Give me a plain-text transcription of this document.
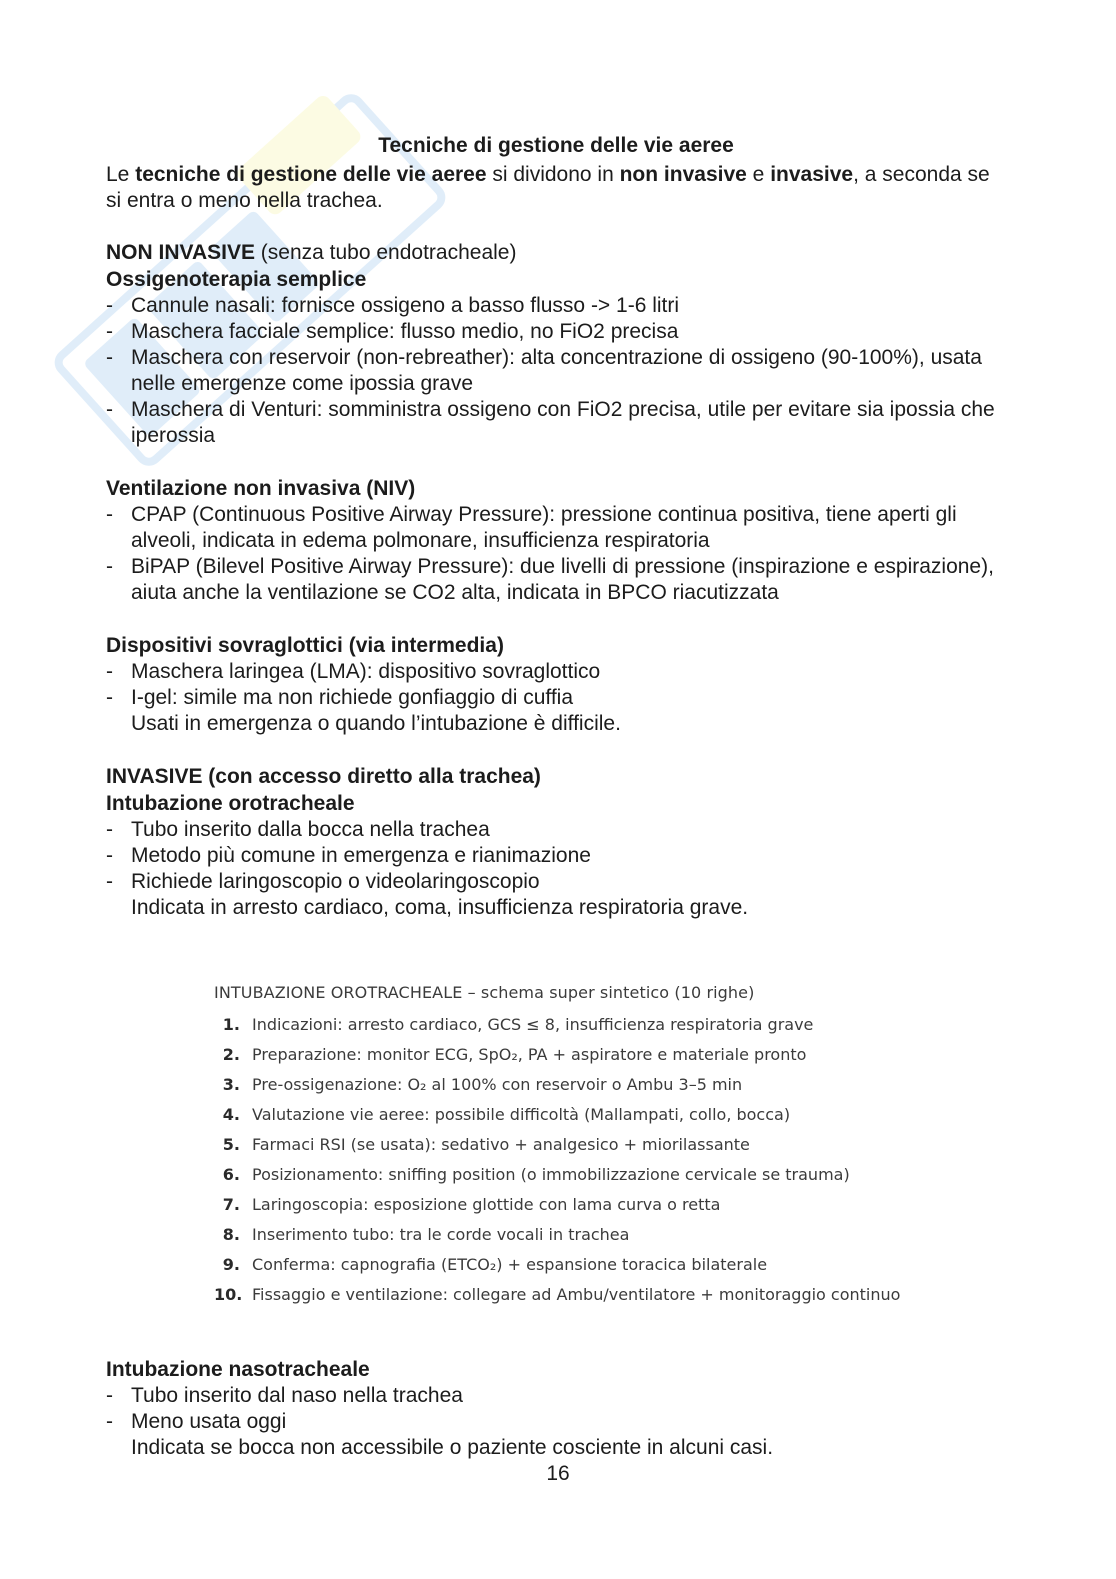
Tecniche di gestione delle vie aeree

Le tecniche di gestione delle vie aeree si dividono in non invasive e invasive, a seconda se si entra o meno nella trachea.

NON INVASIVE (senza tubo endotracheale)

Ossigenoterapia semplice
- Cannule nasali: fornisce ossigeno a basso flusso -> 1-6 litri
- Maschera facciale semplice: flusso medio, no FiO2 precisa
- Maschera con reservoir (non-rebreather): alta concentrazione di ossigeno (90-100%), usata nelle emergenze come ipossia grave
- Maschera di Venturi: somministra ossigeno con FiO2 precisa, utile per evitare sia ipossia che iperossia
Ventilazione non invasiva (NIV)
- CPAP (Continuous Positive Airway Pressure): pressione continua positiva, tiene aperti gli alveoli, indicata in edema polmonare, insufficienza respiratoria
- BiPAP (Bilevel Positive Airway Pressure): due livelli di pressione (inspirazione e espirazione), aiuta anche la ventilazione se CO2 alta, indicata in BPCO riacutizzata
Dispositivi sovraglottici (via intermedia)
- Maschera laringea (LMA): dispositivo sovraglottico
- I-gel: simile ma non richiede gonfiaggio di cuffia
Usati in emergenza o quando l’intubazione è difficile.
INVASIVE (con accesso diretto alla trachea)
Intubazione orotracheale
- Tubo inserito dalla bocca nella trachea
- Metodo più comune in emergenza e rianimazione
- Richiede laringoscopio o videolaringoscopio
Indicata in arresto cardiaco, coma, insufficienza respiratoria grave.
INTUBAZIONE OROTRACHEALE – schema super sintetico (10 righe)
1. Indicazioni: arresto cardiaco, GCS ≤ 8, insufficienza respiratoria grave
2. Preparazione: monitor ECG, SpO₂, PA + aspiratore e materiale pronto
3. Pre-ossigenazione: O₂ al 100% con reservoir o Ambu 3–5 min
4. Valutazione vie aeree: possibile difficoltà (Mallampati, collo, bocca)
5. Farmaci RSI (se usata): sedativo + analgesico + miorilassante
6. Posizionamento: sniffing position (o immobilizzazione cervicale se trauma)
7. Laringoscopia: esposizione glottide con lama curva o retta
8. Inserimento tubo: tra le corde vocali in trachea
9. Conferma: capnografia (ETCO₂) + espansione toracica bilaterale
10. Fissaggio e ventilazione: collegare ad Ambu/ventilatore + monitoraggio continuo
Intubazione nasotracheale
- Tubo inserito dal naso nella trachea
- Meno usata oggi
Indicata se bocca non accessibile o paziente cosciente in alcuni casi.
16
